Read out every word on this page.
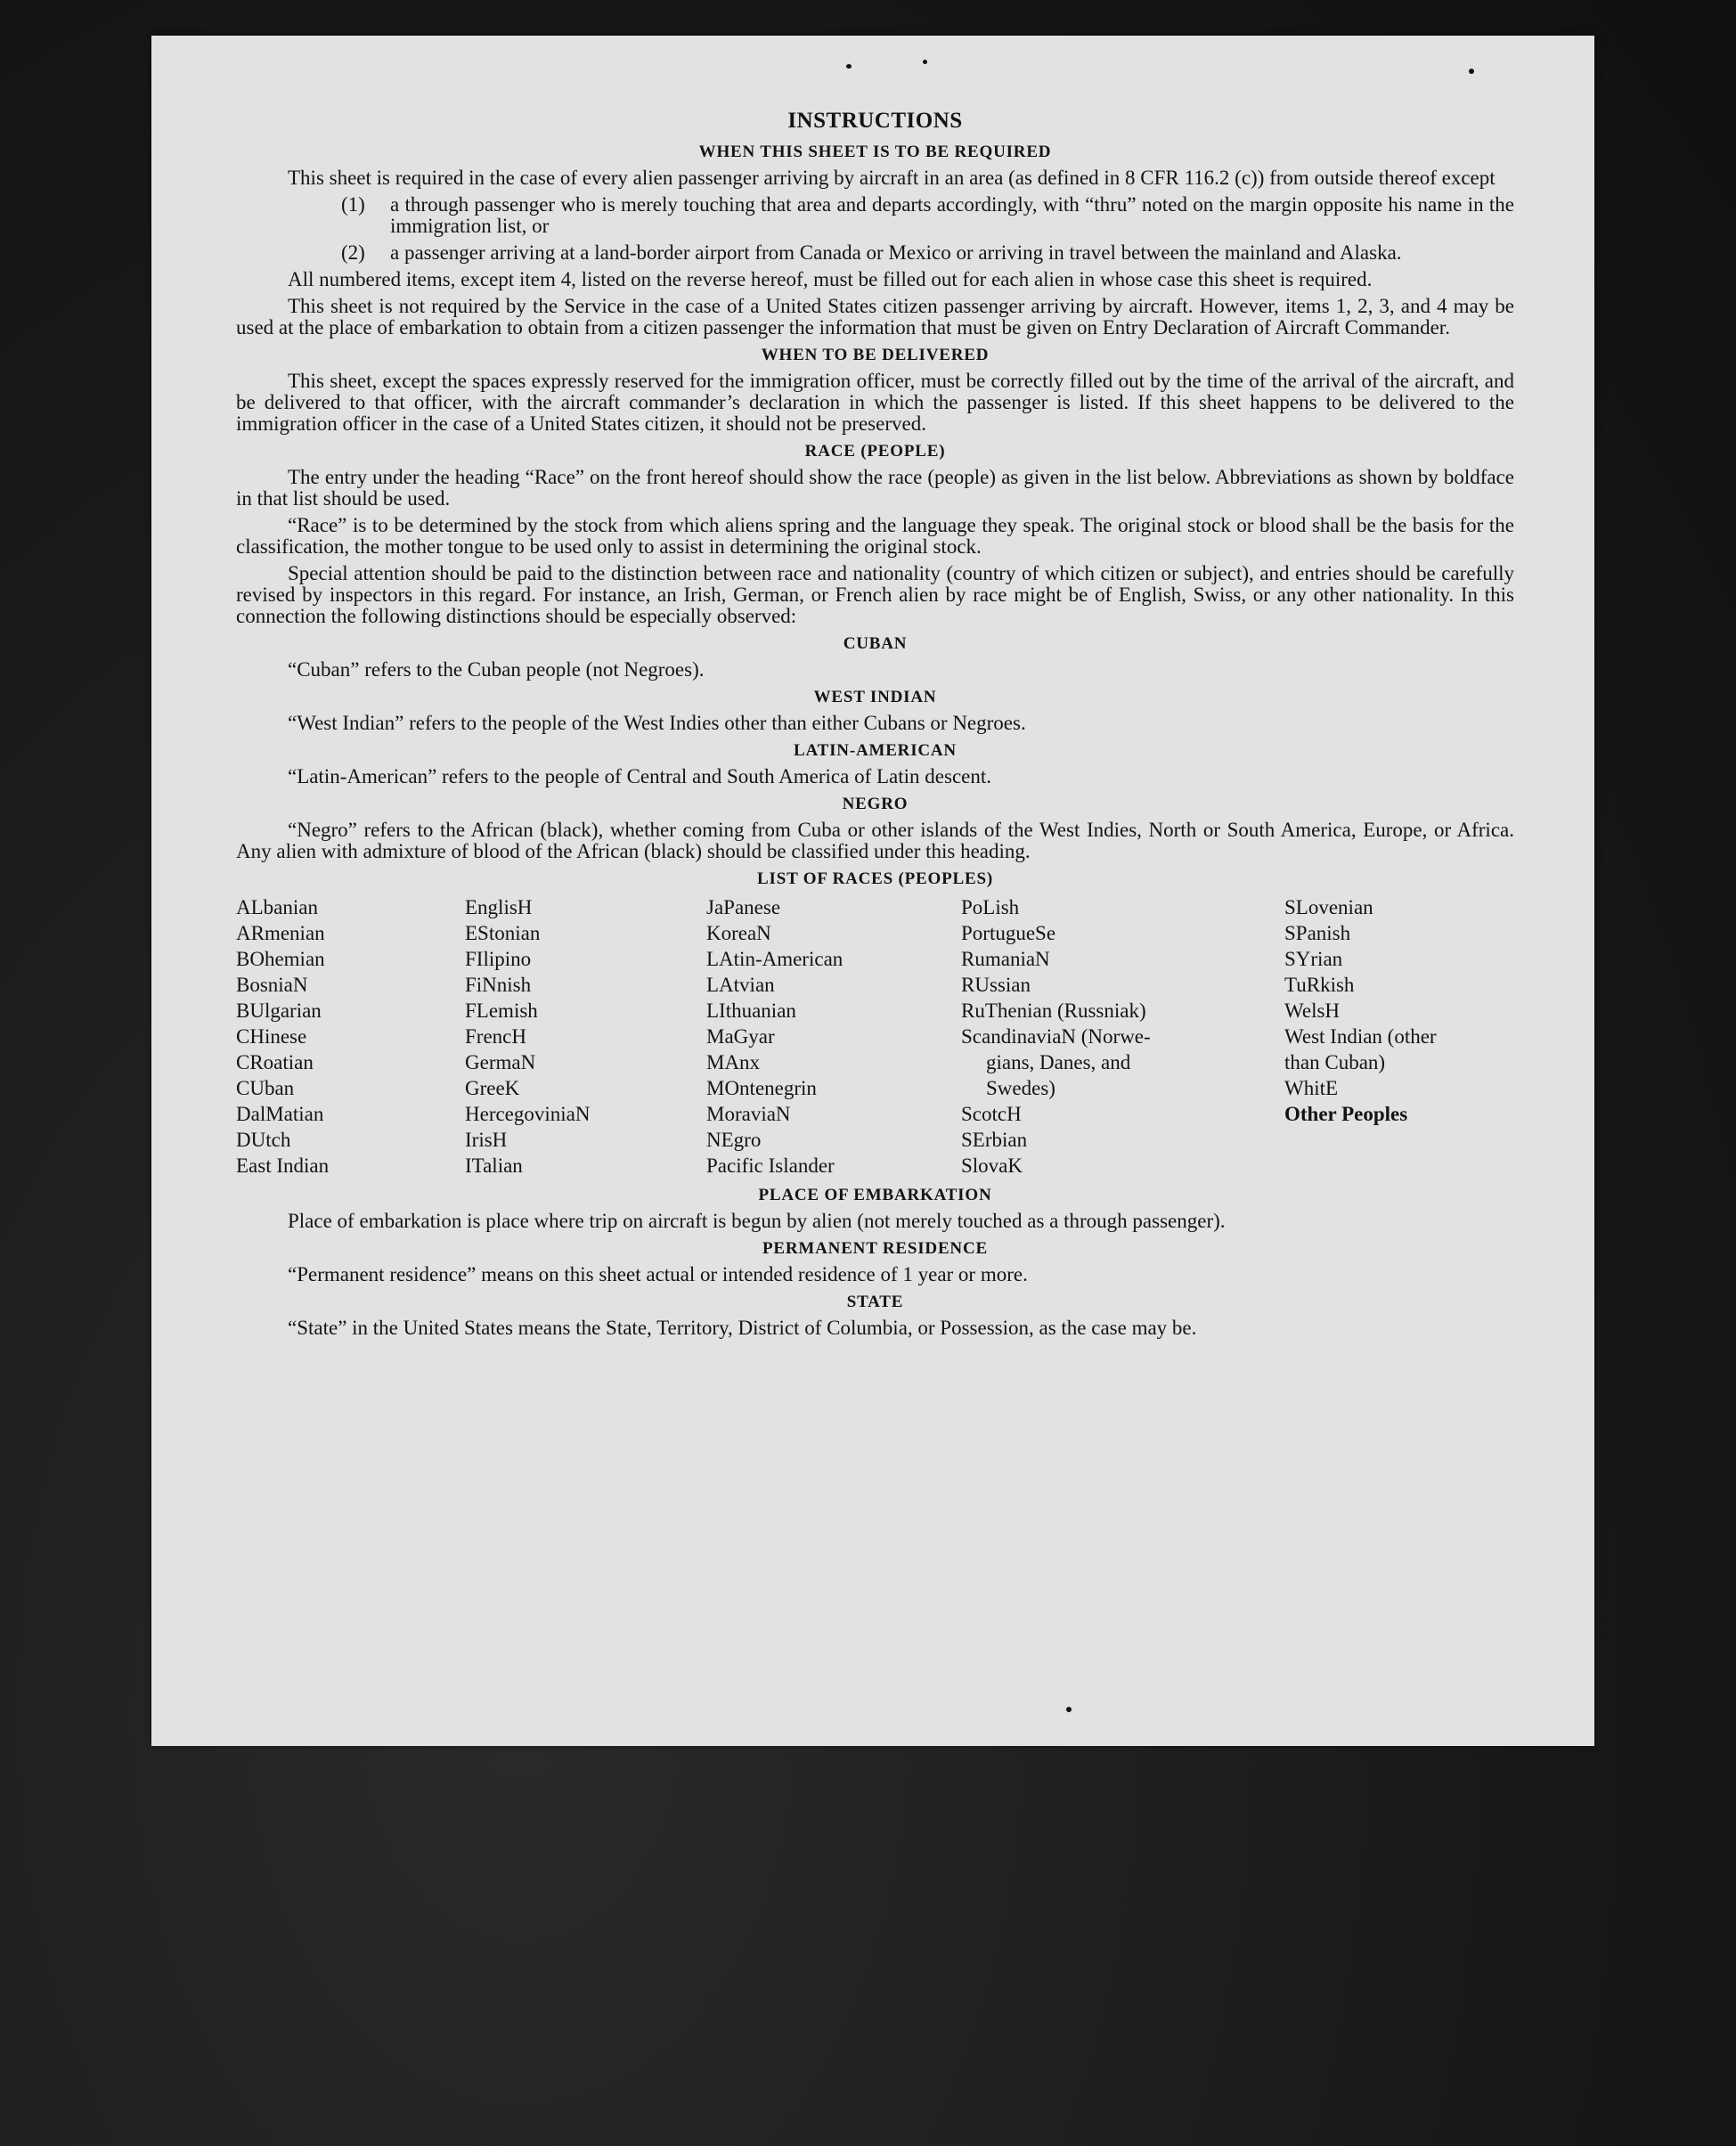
INSTRUCTIONS
WHEN THIS SHEET IS TO BE REQUIRED
This sheet is required in the case of every alien passenger arriving by aircraft in an area (as defined in 8 CFR 116.2 (c)) from outside thereof except
(1)	a through passenger who is merely touching that area and departs accordingly, with “thru” noted on the margin opposite his name in the immigration list, or
(2)	a passenger arriving at a land-border airport from Canada or Mexico or arriving in travel between the mainland and Alaska.
All numbered items, except item 4, listed on the reverse hereof, must be filled out for each alien in whose case this sheet is required.
This sheet is not required by the Service in the case of a United States citizen passenger arriving by aircraft. However, items 1, 2, 3, and 4 may be used at the place of embarkation to obtain from a citizen passenger the information that must be given on Entry Declaration of Aircraft Commander.
WHEN TO BE DELIVERED
This sheet, except the spaces expressly reserved for the immigration officer, must be correctly filled out by the time of the arrival of the aircraft, and be delivered to that officer, with the aircraft commander’s declaration in which the passenger is listed. If this sheet happens to be delivered to the immigration officer in the case of a United States citizen, it should not be preserved.
RACE (PEOPLE)
The entry under the heading “Race” on the front hereof should show the race (people) as given in the list below. Abbreviations as shown by boldface in that list should be used.
“Race” is to be determined by the stock from which aliens spring and the language they speak. The original stock or blood shall be the basis for the classification, the mother tongue to be used only to assist in determining the original stock.
Special attention should be paid to the distinction between race and nationality (country of which citizen or subject), and entries should be carefully revised by inspectors in this regard. For instance, an Irish, German, or French alien by race might be of English, Swiss, or any other nationality. In this connection the following distinctions should be especially observed:
CUBAN
“Cuban” refers to the Cuban people (not Negroes).
WEST INDIAN
“West Indian” refers to the people of the West Indies other than either Cubans or Negroes.
LATIN-AMERICAN
“Latin-American” refers to the people of Central and South America of Latin descent.
NEGRO
“Negro” refers to the African (black), whether coming from Cuba or other islands of the West Indies, North or South America, Europe, or Africa. Any alien with admixture of blood of the African (black) should be classified under this heading.
LIST OF RACES (PEOPLES)
ALbanian
ARmenian
BOhemian
BosniaN
BUlgarian
CHinese
CRoatian
CUban
DalMatian
DUtch
East Indian
EnglisH
EStonian
FIlipino
FiNnish
FLemish
FrencH
GermaN
GreeK
HercegoviniaN
IrisH
ITalian
JaPanese
KoreaN
LAtin-American
LAtvian
LIthuanian
MaGyar
MAnx
MOntenegrin
MoraviaN
NEgro
Pacific Islander
PoLish
PortugueSe
RumaniaN
RUssian
RuThenian (Russniak)
ScandinaviaN (Norwe-
gians, Danes, and
Swedes)
ScotcH
SErbian
SlovaK
SLovenian
SPanish
SYrian
TuRkish
WelsH
West Indian (other
than Cuban)
WhitE
Other Peoples
PLACE OF EMBARKATION
Place of embarkation is place where trip on aircraft is begun by alien (not merely touched as a through passenger).
PERMANENT RESIDENCE
“Permanent residence” means on this sheet actual or intended residence of 1 year or more.
STATE
“State” in the United States means the State, Territory, District of Columbia, or Possession, as the case may be.
